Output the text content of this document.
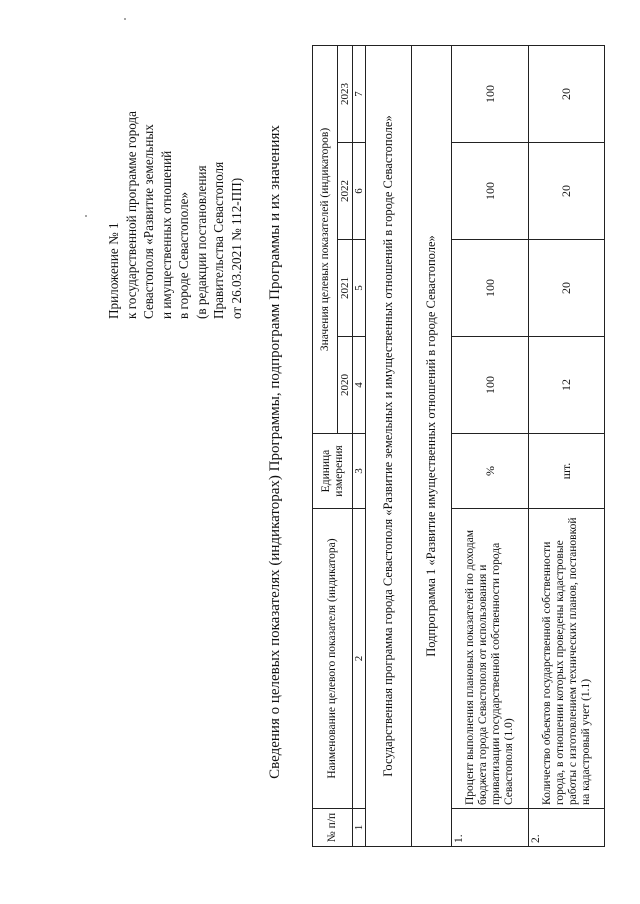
Приложение № 1 к государственной программе города Севастополя «Развитие земельных и имущественных отношений в городе Севастополе» (в редакции постановления Правительства Севастополя от 26.03.2021 № 112-ПП) Сведения о целевых показателях (индикаторах) Программы, подпрограмм Программы и их значениях
№ п/п	Наименование целевого показателя (индикатора)	Единица измерения	Значения целевых показателей (индикаторов)			
			2020	2021	2022	2023
1	2	3	4	5	6	7
Государственная программа города Севастополя «Развитие земельных и имущественных отношений в городе Севастополе»						
Подпрограмма 1 «Развитие имущественных отношений в городе Севастополе»						
1.	Процент выполнения плановых показателей по доходам бюджета города Севастополя от использования и приватизации государственной собственности города Севастополя (1.0)	%	100	100	100	100
2.	Количество объектов государственной собственности города, в отношении которых проведены кадастровые работы с изготовлением технических планов, постановкой на кадастровый учет (1.1)	шт.	12	20	20	20
